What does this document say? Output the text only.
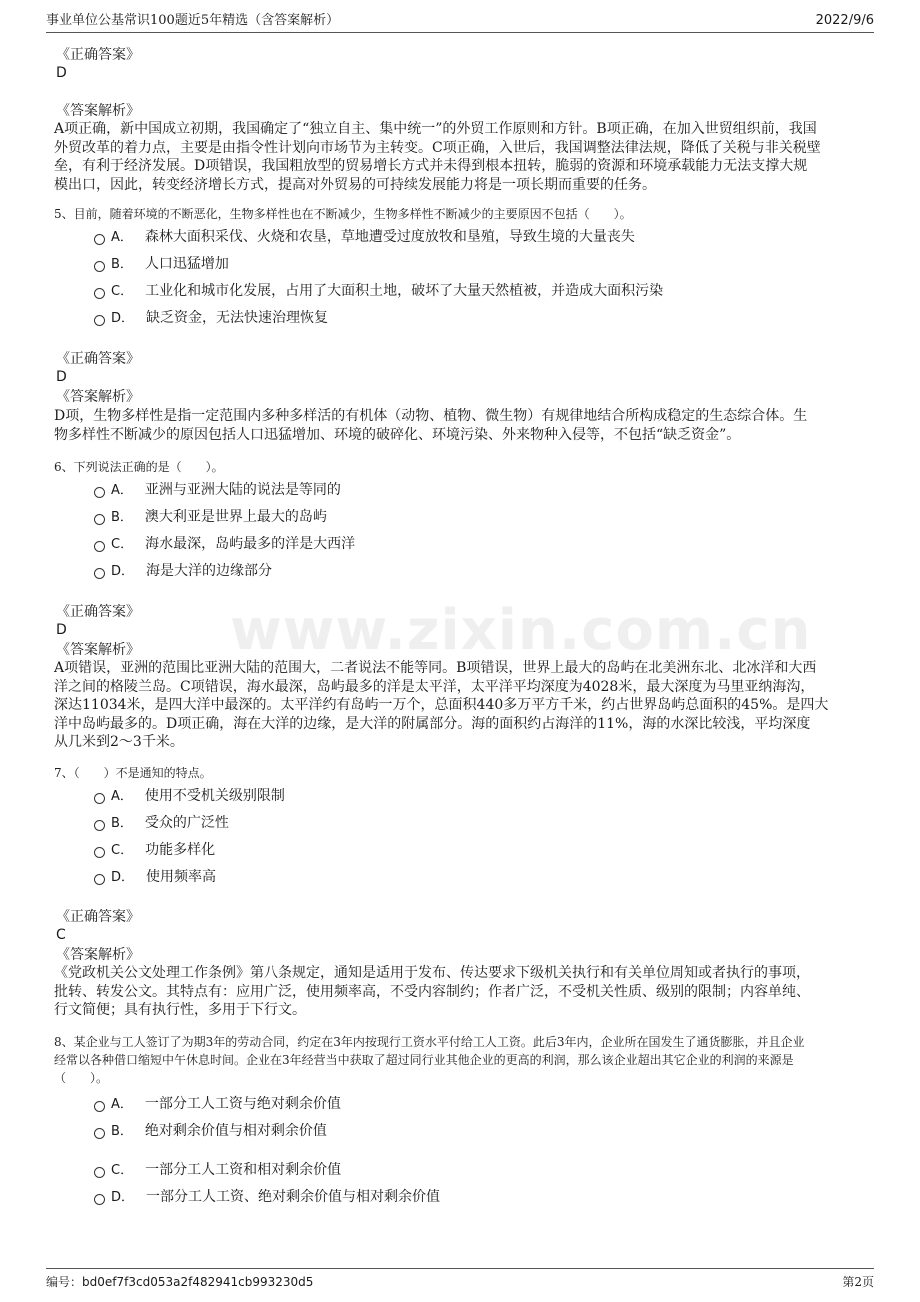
事业单位公基常识100题近5年精选（含答案解析）	2022/9/6
www.zixin.com.cn
《正确答案》
D
《答案解析》
A项正确，新中国成立初期，我国确定了“独立自主、集中统一”的外贸工作原则和方针。B项正确，在加入世贸组织前，我国
外贸改革的着力点，主要是由指令性计划向市场节为主转变。C项正确，入世后，我国调整法律法规，降低了关税与非关税壁
垒，有利于经济发展。D项错误，我国粗放型的贸易增长方式并未得到根本扭转，脆弱的资源和环境承载能力无法支撑大规
模出口，因此，转变经济增长方式，提高对外贸易的可持续发展能力将是一项长期而重要的任务。
5、目前，随着环境的不断恶化，生物多样性也在不断减少，生物多样性不断减少的主要原因不包括（　　）。
A． 森林大面积采伐、火烧和农垦，草地遭受过度放牧和垦殖，导致生境的大量丧失
B． 人口迅猛增加
C． 工业化和城市化发展，占用了大面积土地，破坏了大量天然植被，并造成大面积污染
D． 缺乏资金，无法快速治理恢复
《正确答案》
D
《答案解析》
D项，生物多样性是指一定范围内多种多样活的有机体（动物、植物、微生物）有规律地结合所构成稳定的生态综合体。生
物多样性不断减少的原因包括人口迅猛增加、环境的破碎化、环境污染、外来物种入侵等，不包括“缺乏资金”。
6、下列说法正确的是（　　）。
A． 亚洲与亚洲大陆的说法是等同的
B． 澳大利亚是世界上最大的岛屿
C． 海水最深，岛屿最多的洋是大西洋
D． 海是大洋的边缘部分
《正确答案》
D
《答案解析》
A项错误，亚洲的范围比亚洲大陆的范围大，二者说法不能等同。B项错误，世界上最大的岛屿在北美洲东北、北冰洋和大西
洋之间的格陵兰岛。C项错误，海水最深，岛屿最多的洋是太平洋，太平洋平均深度为4028米，最大深度为马里亚纳海沟，
深达11034米，是四大洋中最深的。太平洋约有岛屿一万个，总面积440多万平方千米，约占世界岛屿总面积的45%。是四大
洋中岛屿最多的。D项正确，海在大洋的边缘，是大洋的附属部分。海的面积约占海洋的11%，海的水深比较浅，平均深度
从几米到2～3千米。
7、（　　）不是通知的特点。
A． 使用不受机关级别限制
B． 受众的广泛性
C． 功能多样化
D． 使用频率高
《正确答案》
C
《答案解析》
《党政机关公文处理工作条例》第八条规定，通知是适用于发布、传达要求下级机关执行和有关单位周知或者执行的事项，
批转、转发公文。其特点有：应用广泛，使用频率高，不受内容制约；作者广泛，不受机关性质、级别的限制；内容单纯、
行文简便；具有执行性，多用于下行文。
8、某企业与工人签订了为期3年的劳动合同，约定在3年内按现行工资水平付给工人工资。此后3年内，企业所在国发生了通货膨胀，并且企业
经常以各种借口缩短中午休息时间。企业在3年经营当中获取了超过同行业其他企业的更高的利润，那么该企业超出其它企业的利润的来源是
（　　）。
A． 一部分工人工资与绝对剩余价值
B． 绝对剩余价值与相对剩余价值
C． 一部分工人工资和相对剩余价值
D． 一部分工人工资、绝对剩余价值与相对剩余价值
编号：bd0ef7f3cd053a2f482941cb993230d5	第2页
